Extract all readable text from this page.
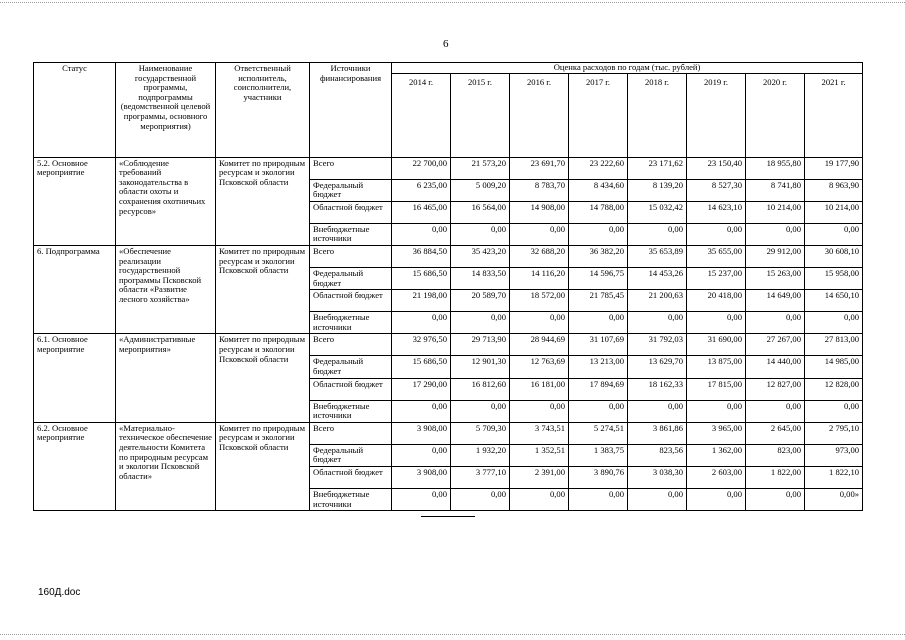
6
Статус	Наименование государственной программы, подпрограммы (ведомственной целевой программы, основного мероприятия)	Ответственный исполнитель, соисполнители, участники	Источники финансирования	Оценка расходов по годам (тыс. рублей)							
				2014 г.	2015 г.	2016 г.	2017 г.	2018 г.	2019 г.	2020 г.	2021 г.
5.2. Основное мероприятие	«Соблюдение требований законодательства в области охоты и сохранения охотничьих ресурсов»	Комитет по природным ресурсам и экологии Псковской области	Всего	22 700,00	21 573,20	23 691,70	23 222,60	23 171,62	23 150,40	18 955,80	19 177,90
			Федеральный бюджет	6 235,00	5 009,20	8 783,70	8 434,60	8 139,20	8 527,30	8 741,80	8 963,90
			Областной бюджет	16 465,00	16 564,00	14 908,00	14 788,00	15 032,42	14 623,10	10 214,00	10 214,00
			Внебюджетные источники	0,00	0,00	0,00	0,00	0,00	0,00	0,00	0,00
6. Подпрограмма	«Обеспечение реализации государственной программы Псковской области «Развитие лесного хозяйства»	Комитет по природным ресурсам и экологии Псковской области	Всего	36 884,50	35 423,20	32 688,20	36 382,20	35 653,89	35 655,00	29 912,00	30 608,10
			Федеральный бюджет	15 686,50	14 833,50	14 116,20	14 596,75	14 453,26	15 237,00	15 263,00	15 958,00
			Областной бюджет	21 198,00	20 589,70	18 572,00	21 785,45	21 200,63	20 418,00	14 649,00	14 650,10
			Внебюджетные источники	0,00	0,00	0,00	0,00	0,00	0,00	0,00	0,00
6.1. Основное мероприятие	«Административные мероприятия»	Комитет по природным ресурсам и экологии Псковской области	Всего	32 976,50	29 713,90	28 944,69	31 107,69	31 792,03	31 690,00	27 267,00	27 813,00
			Федеральный бюджет	15 686,50	12 901,30	12 763,69	13 213,00	13 629,70	13 875,00	14 440,00	14 985,00
			Областной бюджет	17 290,00	16 812,60	16 181,00	17 894,69	18 162,33	17 815,00	12 827,00	12 828,00
			Внебюджетные источники	0,00	0,00	0,00	0,00	0,00	0,00	0,00	0,00
6.2. Основное мероприятие	«Материально-техническое обеспечение деятельности Комитета по природным ресурсам и экологии Псковской области»	Комитет по природным ресурсам и экологии Псковской области	Всего	3 908,00	5 709,30	3 743,51	5 274,51	3 861,86	3 965,00	2 645,00	2 795,10
			Федеральный бюджет	0,00	1 932,20	1 352,51	1 383,75	823,56	1 362,00	823,00	973,00
			Областной бюджет	3 908,00	3 777,10	2 391,00	3 890,76	3 038,30	2 603,00	1 822,00	1 822,10
			Внебюджетные источники	0,00	0,00	0,00	0,00	0,00	0,00	0,00	0,00»
160Д.doc
